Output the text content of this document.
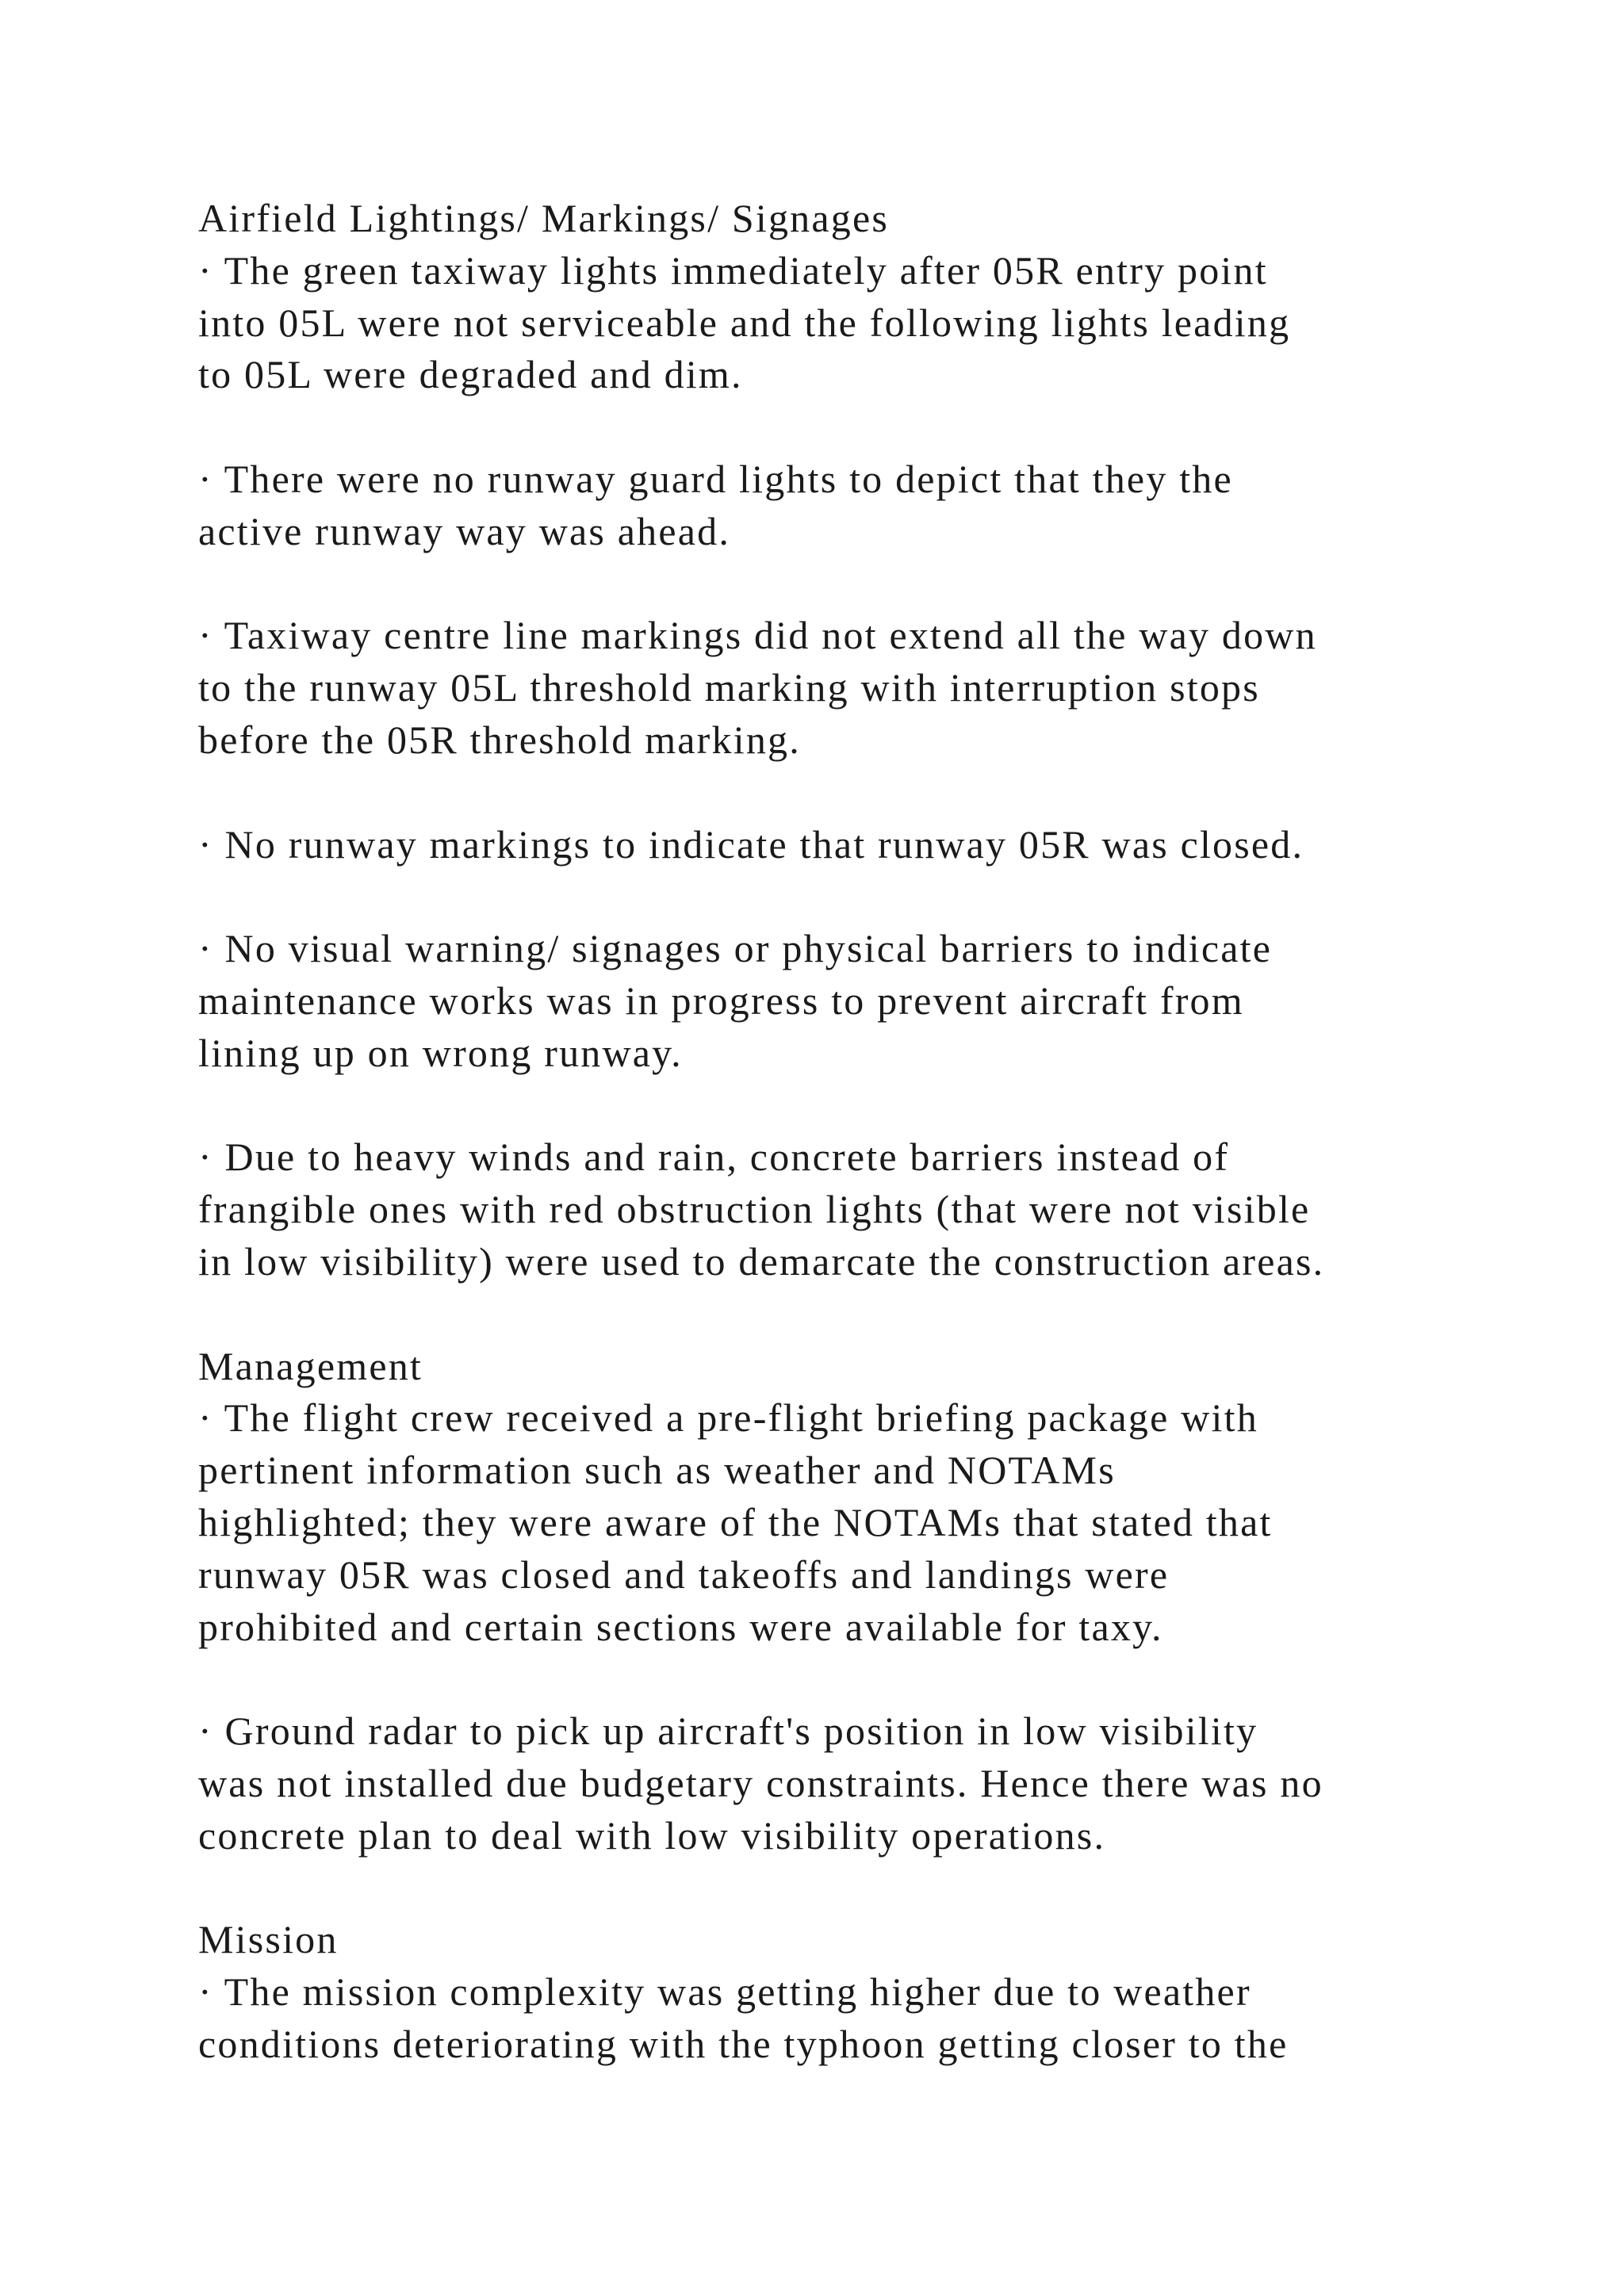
Airfield Lightings/ Markings/ Signages
· The green taxiway lights immediately after 05R entry point
into 05L were not serviceable and the following lights leading
to 05L were degraded and dim.
· There were no runway guard lights to depict that they the
active runway way was ahead.
· Taxiway centre line markings did not extend all the way down
to the runway 05L threshold marking with interruption stops
before the 05R threshold marking.
· No runway markings to indicate that runway 05R was closed.
· No visual warning/ signages or physical barriers to indicate
maintenance works was in progress to prevent aircraft from
lining up on wrong runway.
· Due to heavy winds and rain, concrete barriers instead of
frangible ones with red obstruction lights (that were not visible
in low visibility) were used to demarcate the construction areas.
Management
· The flight crew received a pre-flight briefing package with
pertinent information such as weather and NOTAMs
highlighted; they were aware of the NOTAMs that stated that
runway 05R was closed and takeoffs and landings were
prohibited and certain sections were available for taxy.
· Ground radar to pick up aircraft's position in low visibility
was not installed due budgetary constraints. Hence there was no
concrete plan to deal with low visibility operations.
Mission
· The mission complexity was getting higher due to weather
conditions deteriorating with the typhoon getting closer to the
